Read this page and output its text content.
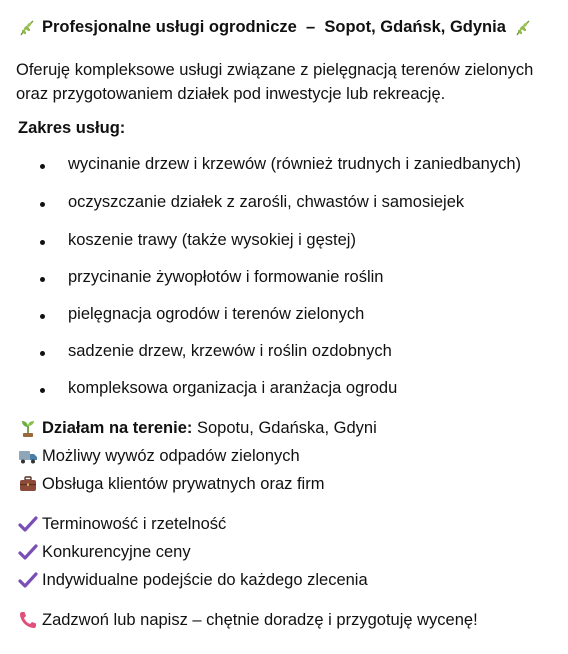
Profesjonalne usługi ogrodnicze  –  Sopot, Gdańsk, Gdynia
Oferuję kompleksowe usługi związane z pielęgnacją terenów zielonych oraz przygotowaniem działek pod inwestycje lub rekreację.
Zakres usług:
wycinanie drzew i krzewów (również trudnych i zaniedbanych)
oczyszczanie działek z zarośli, chwastów i samosiejek
koszenie trawy (także wysokiej i gęstej)
przycinanie żywopłotów i formowanie roślin
pielęgnacja ogrodów i terenów zielonych
sadzenie drzew, krzewów i roślin ozdobnych
kompleksowa organizacja i aranżacja ogrodu
Działam na terenie: Sopotu, Gdańska, Gdyni
Możliwy wywóz odpadów zielonych
Obsługa klientów prywatnych oraz firm
Terminowość i rzetelność
Konkurencyjne ceny
Indywidualne podejście do każdego zlecenia
Zadzwoń lub napisz – chętnie doradzę i przygotuję wycenę!
